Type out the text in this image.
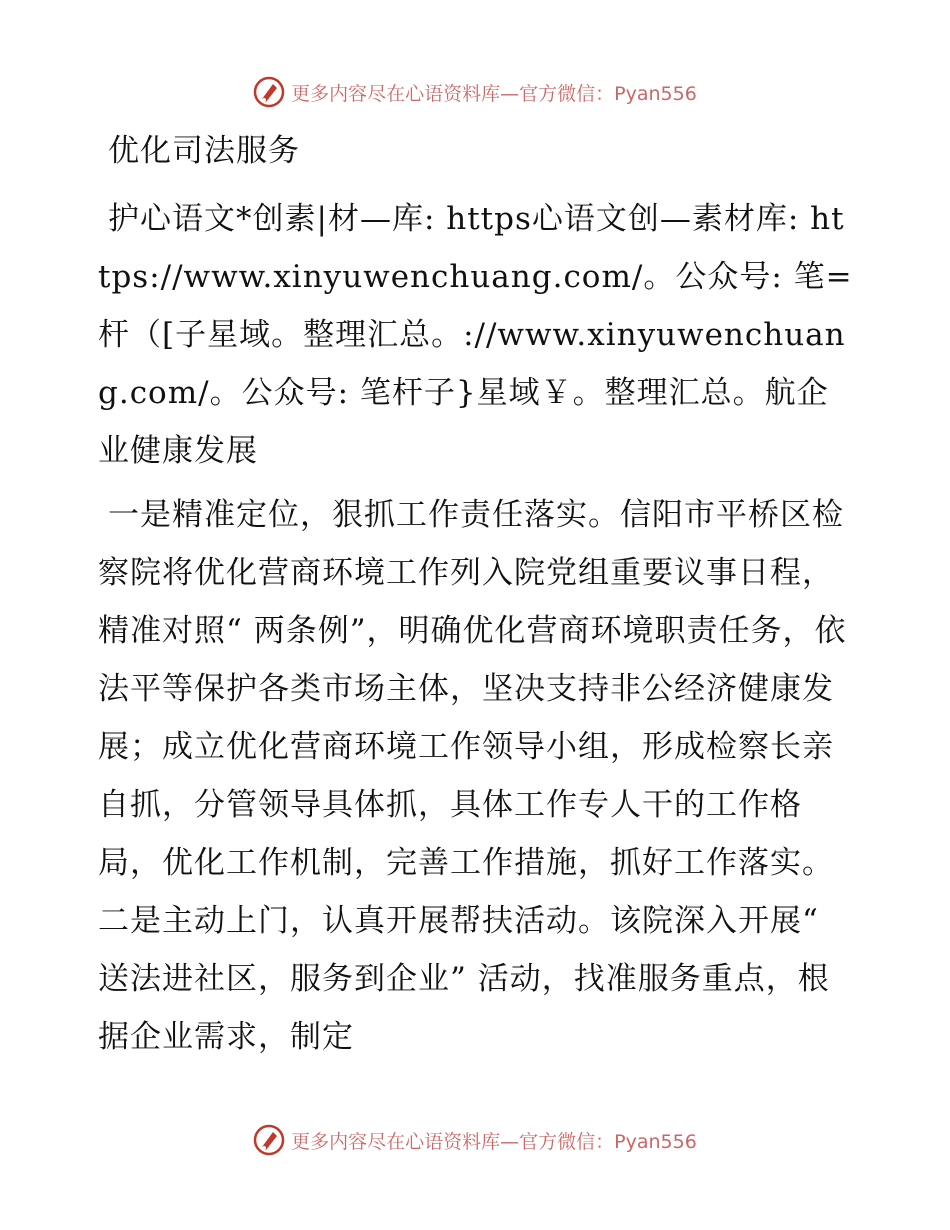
更多内容尽在心语资料库—官方微信：Pyan556

优化司法服务

护心语文*创素|材—库: https心语文创—素材库: https://www.xinyuwenchuang.com/。公众号: 笔=杆（[子星域。整理汇总。://www.xinyuwenchuang.com/。公众号: 笔杆子}星域￥。整理汇总。航企业健康发展

一是精准定位，狠抓工作责任落实。信阳市平桥区检察院将优化营商环境工作列入院党组重要议事日程，精准对照“ 两条例”，明确优化营商环境职责任务，依法平等保护各类市场主体，坚决支持非公经济健康发展；成立优化营商环境工作领导小组，形成检察长亲自抓，分管领导具体抓，具体工作专人干的工作格局，优化工作机制，完善工作措施，抓好工作落实。二是主动上门，认真开展帮扶活动。该院深入开展“ 送法进社区，服务到企业” 活动，找准服务重点，根据企业需求，制定

更多内容尽在心语资料库—官方微信：Pyan556
